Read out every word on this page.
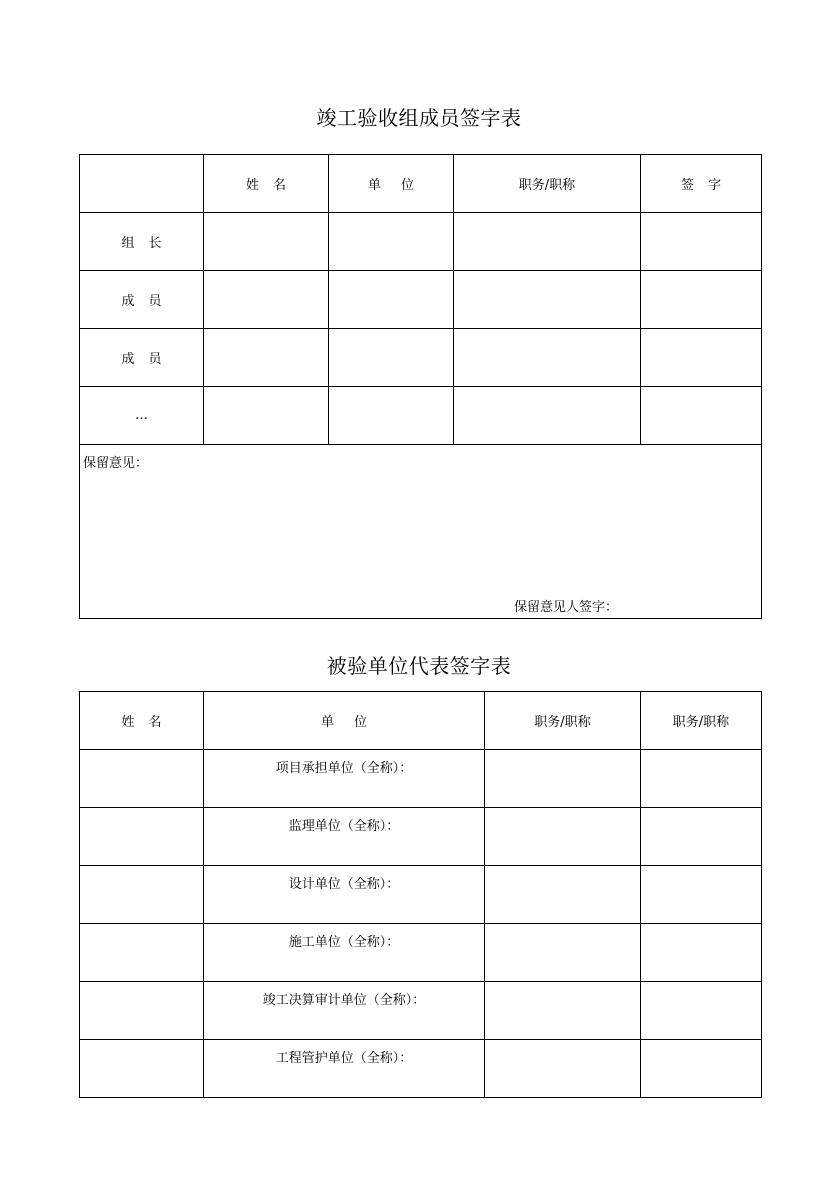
竣工验收组成员签字表
	姓名	单位	职务/职称	签字
组长				
成员				
成员				
…				

保留意见：
保留意见人签字：				
被验单位代表签字表
姓名	单位	职务/职称	职务/职称
	项目承担单位（全称）：		
	监理单位（全称）：		
	设计单位（全称）：		
	施工单位（全称）：		
	竣工决算审计单位（全称）：		
	工程管护单位（全称）：		
